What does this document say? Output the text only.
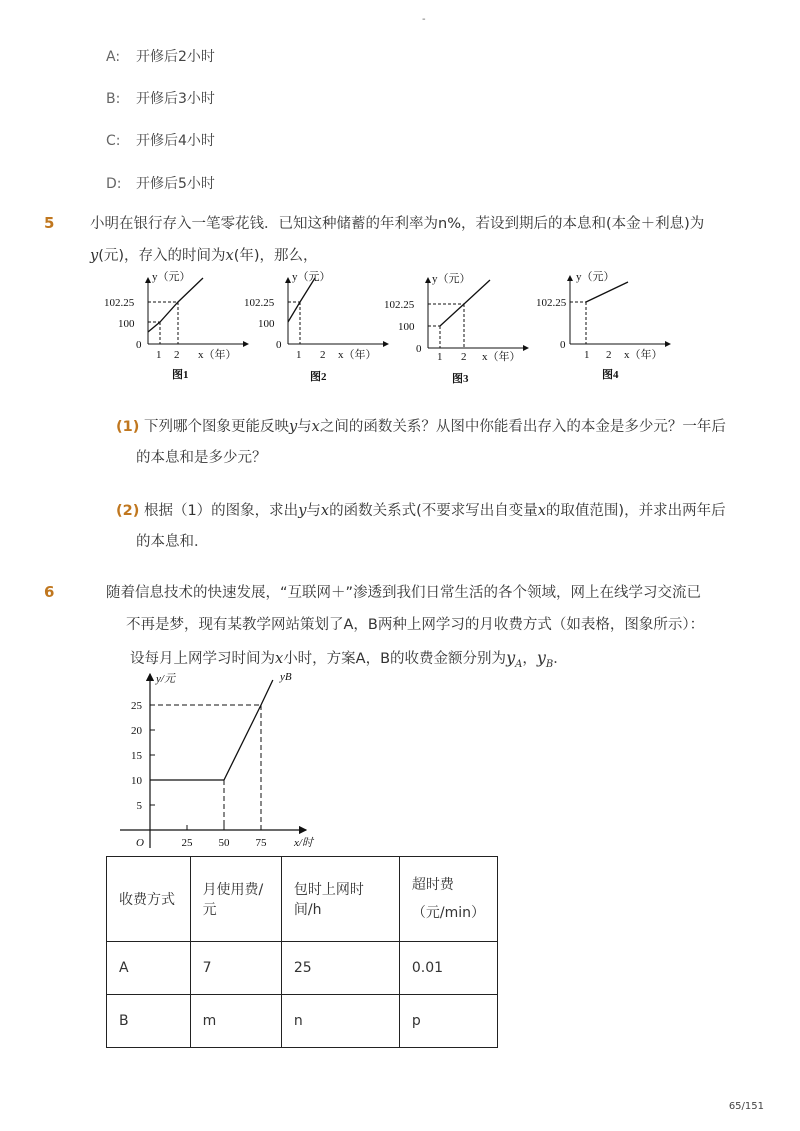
-
A: 开修后2小时
B: 开修后3小时
C: 开修后4小时
D: 开修后5小时
5 小明在银行存入一笔零花钱．已知这种储蓄的年利率为n%，若设到期后的本息和(本金＋利息)为
y(元)，存入的时间为x(年)，那么，
y（元）
102.25
100
0
1 2 x（年）
图1
y（元）
102.25
100
0
1 2 x（年）
图2
y（元）
102.25
100
0
1 2 x（年）
图3
y（元）
102.25
0
1 2 x（年）
图4
(1) 下列哪个图象更能反映y与x之间的函数关系？从图中你能看出存入的本金是多少元？一年后
的本息和是多少元？
(2) 根据（1）的图象，求出y与x的函数关系式(不要求写出自变量x的取值范围)，并求出两年后
的本息和．
6	随着信息技术的快速发展，“互联网＋”渗透到我们日常生活的各个领域，网上在线学习交流已
不再是梦，现有某教学网站策划了A，B两种上网学习的月收费方式（如表格，图象所示）：
设每月上网学习时间为x小时，方案A，B的收费金额分别为$y_A$，$y_B$．
5
10
15
20
25
25 50 75
y/元
x/时
O
yB
收费方式	月使用费/元	包时上网时间/h	超时费
（元/min）

A	7	25	0.01
B	m	n	p
65/151
